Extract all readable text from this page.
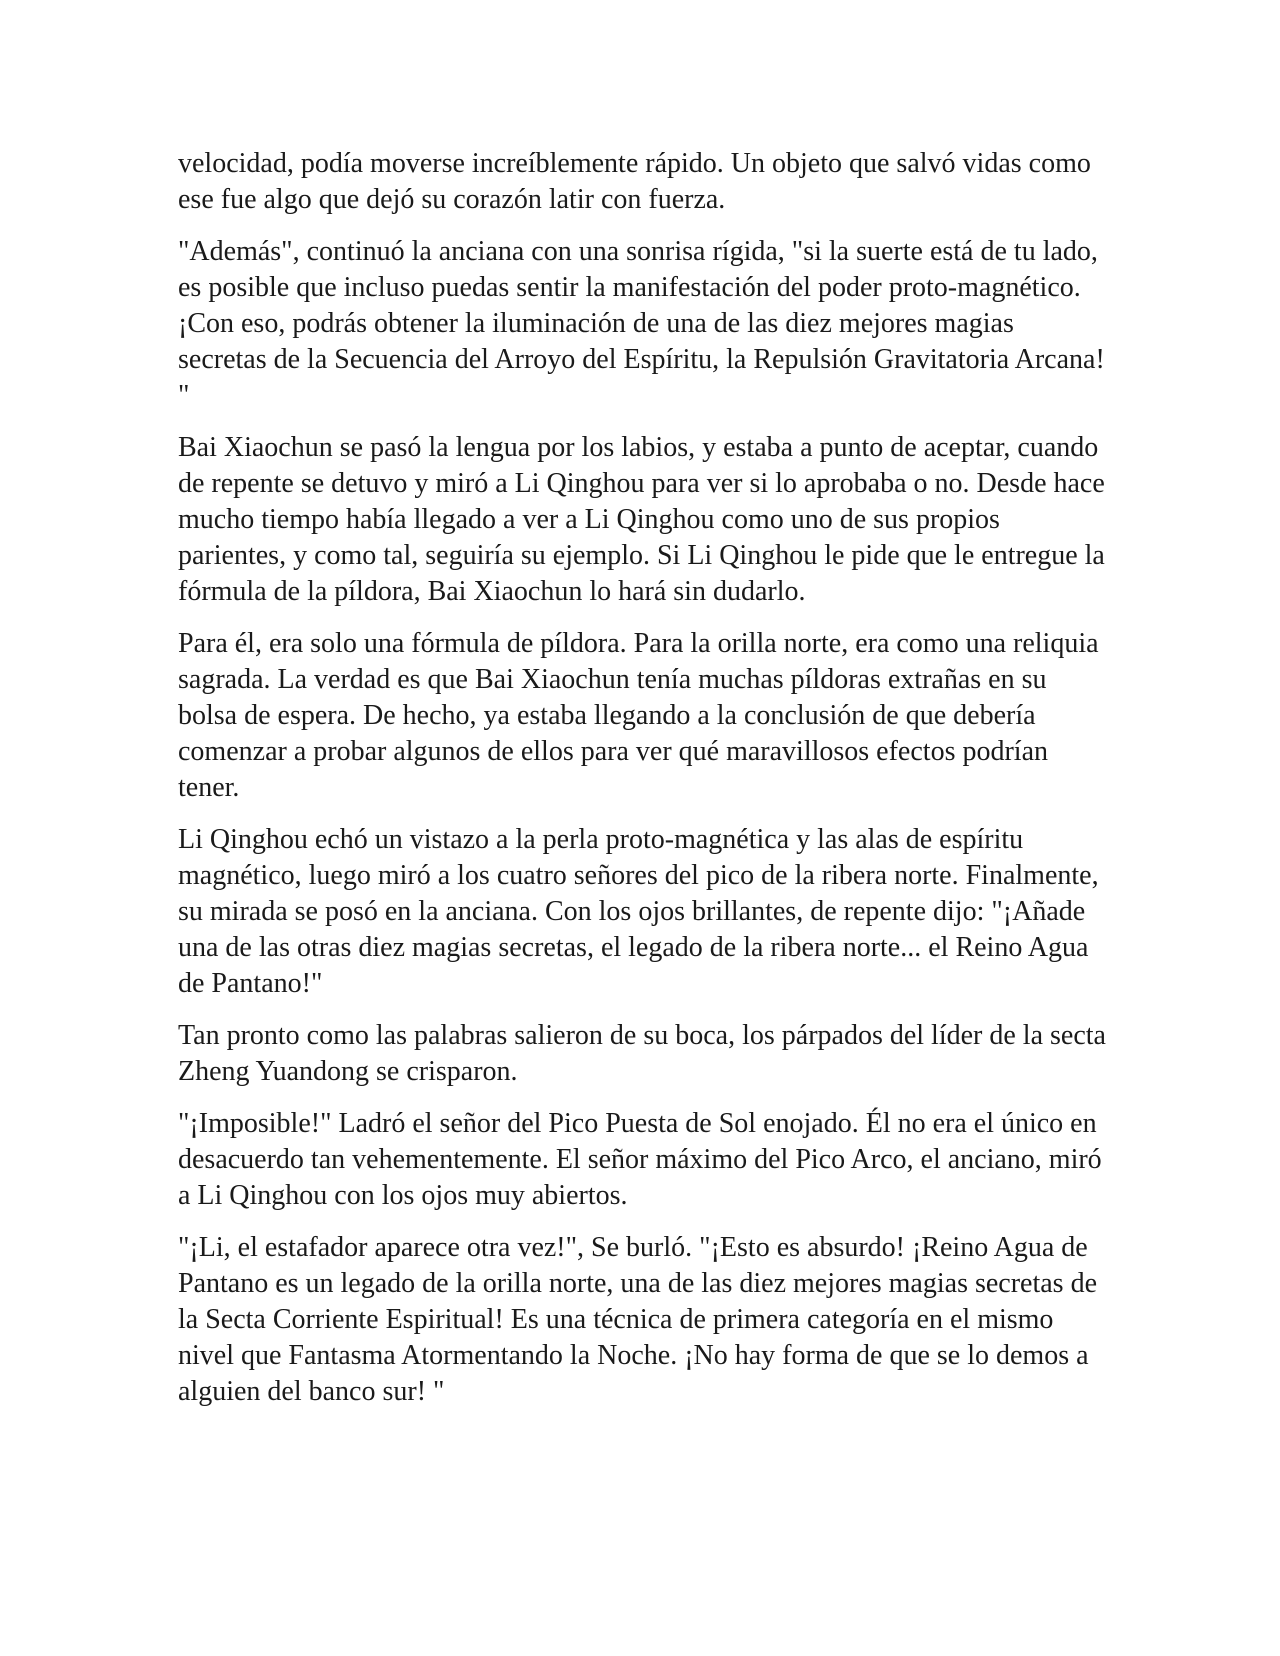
velocidad, podía moverse increíblemente rápido. Un objeto que salvó vidas como ese fue algo que dejó su corazón latir con fuerza.

"Además", continuó la anciana con una sonrisa rígida, "si la suerte está de tu lado, es posible que incluso puedas sentir la manifestación del poder proto-magnético. ¡Con eso, podrás obtener la iluminación de una de las diez mejores magias secretas de la Secuencia del Arroyo del Espíritu, la Repulsión Gravitatoria Arcana! "

Bai Xiaochun se pasó la lengua por los labios, y estaba a punto de aceptar, cuando de repente se detuvo y miró a Li Qinghou para ver si lo aprobaba o no. Desde hace mucho tiempo había llegado a ver a Li Qinghou como uno de sus propios parientes, y como tal, seguiría su ejemplo. Si Li Qinghou le pide que le entregue la fórmula de la píldora, Bai Xiaochun lo hará sin dudarlo.

Para él, era solo una fórmula de píldora. Para la orilla norte, era como una reliquia sagrada. La verdad es que Bai Xiaochun tenía muchas píldoras extrañas en su bolsa de espera. De hecho, ya estaba llegando a la conclusión de que debería comenzar a probar algunos de ellos para ver qué maravillosos efectos podrían tener.

Li Qinghou echó un vistazo a la perla proto-magnética y las alas de espíritu magnético, luego miró a los cuatro señores del pico de la ribera norte. Finalmente, su mirada se posó en la anciana. Con los ojos brillantes, de repente dijo: "¡Añade una de las otras diez magias secretas, el legado de la ribera norte... el Reino Agua de Pantano!"

Tan pronto como las palabras salieron de su boca, los párpados del líder de la secta Zheng Yuandong se crisparon.

"¡Imposible!" Ladró el señor del Pico Puesta de Sol enojado. Él no era el único en desacuerdo tan vehementemente. El señor máximo del Pico Arco, el anciano, miró a Li Qinghou con los ojos muy abiertos.

"¡Li, el estafador aparece otra vez!", Se burló. "¡Esto es absurdo! ¡Reino Agua de Pantano es un legado de la orilla norte, una de las diez mejores magias secretas de la Secta Corriente Espiritual! Es una técnica de primera categoría en el mismo nivel que Fantasma Atormentando la Noche. ¡No hay forma de que se lo demos a alguien del banco sur! "
